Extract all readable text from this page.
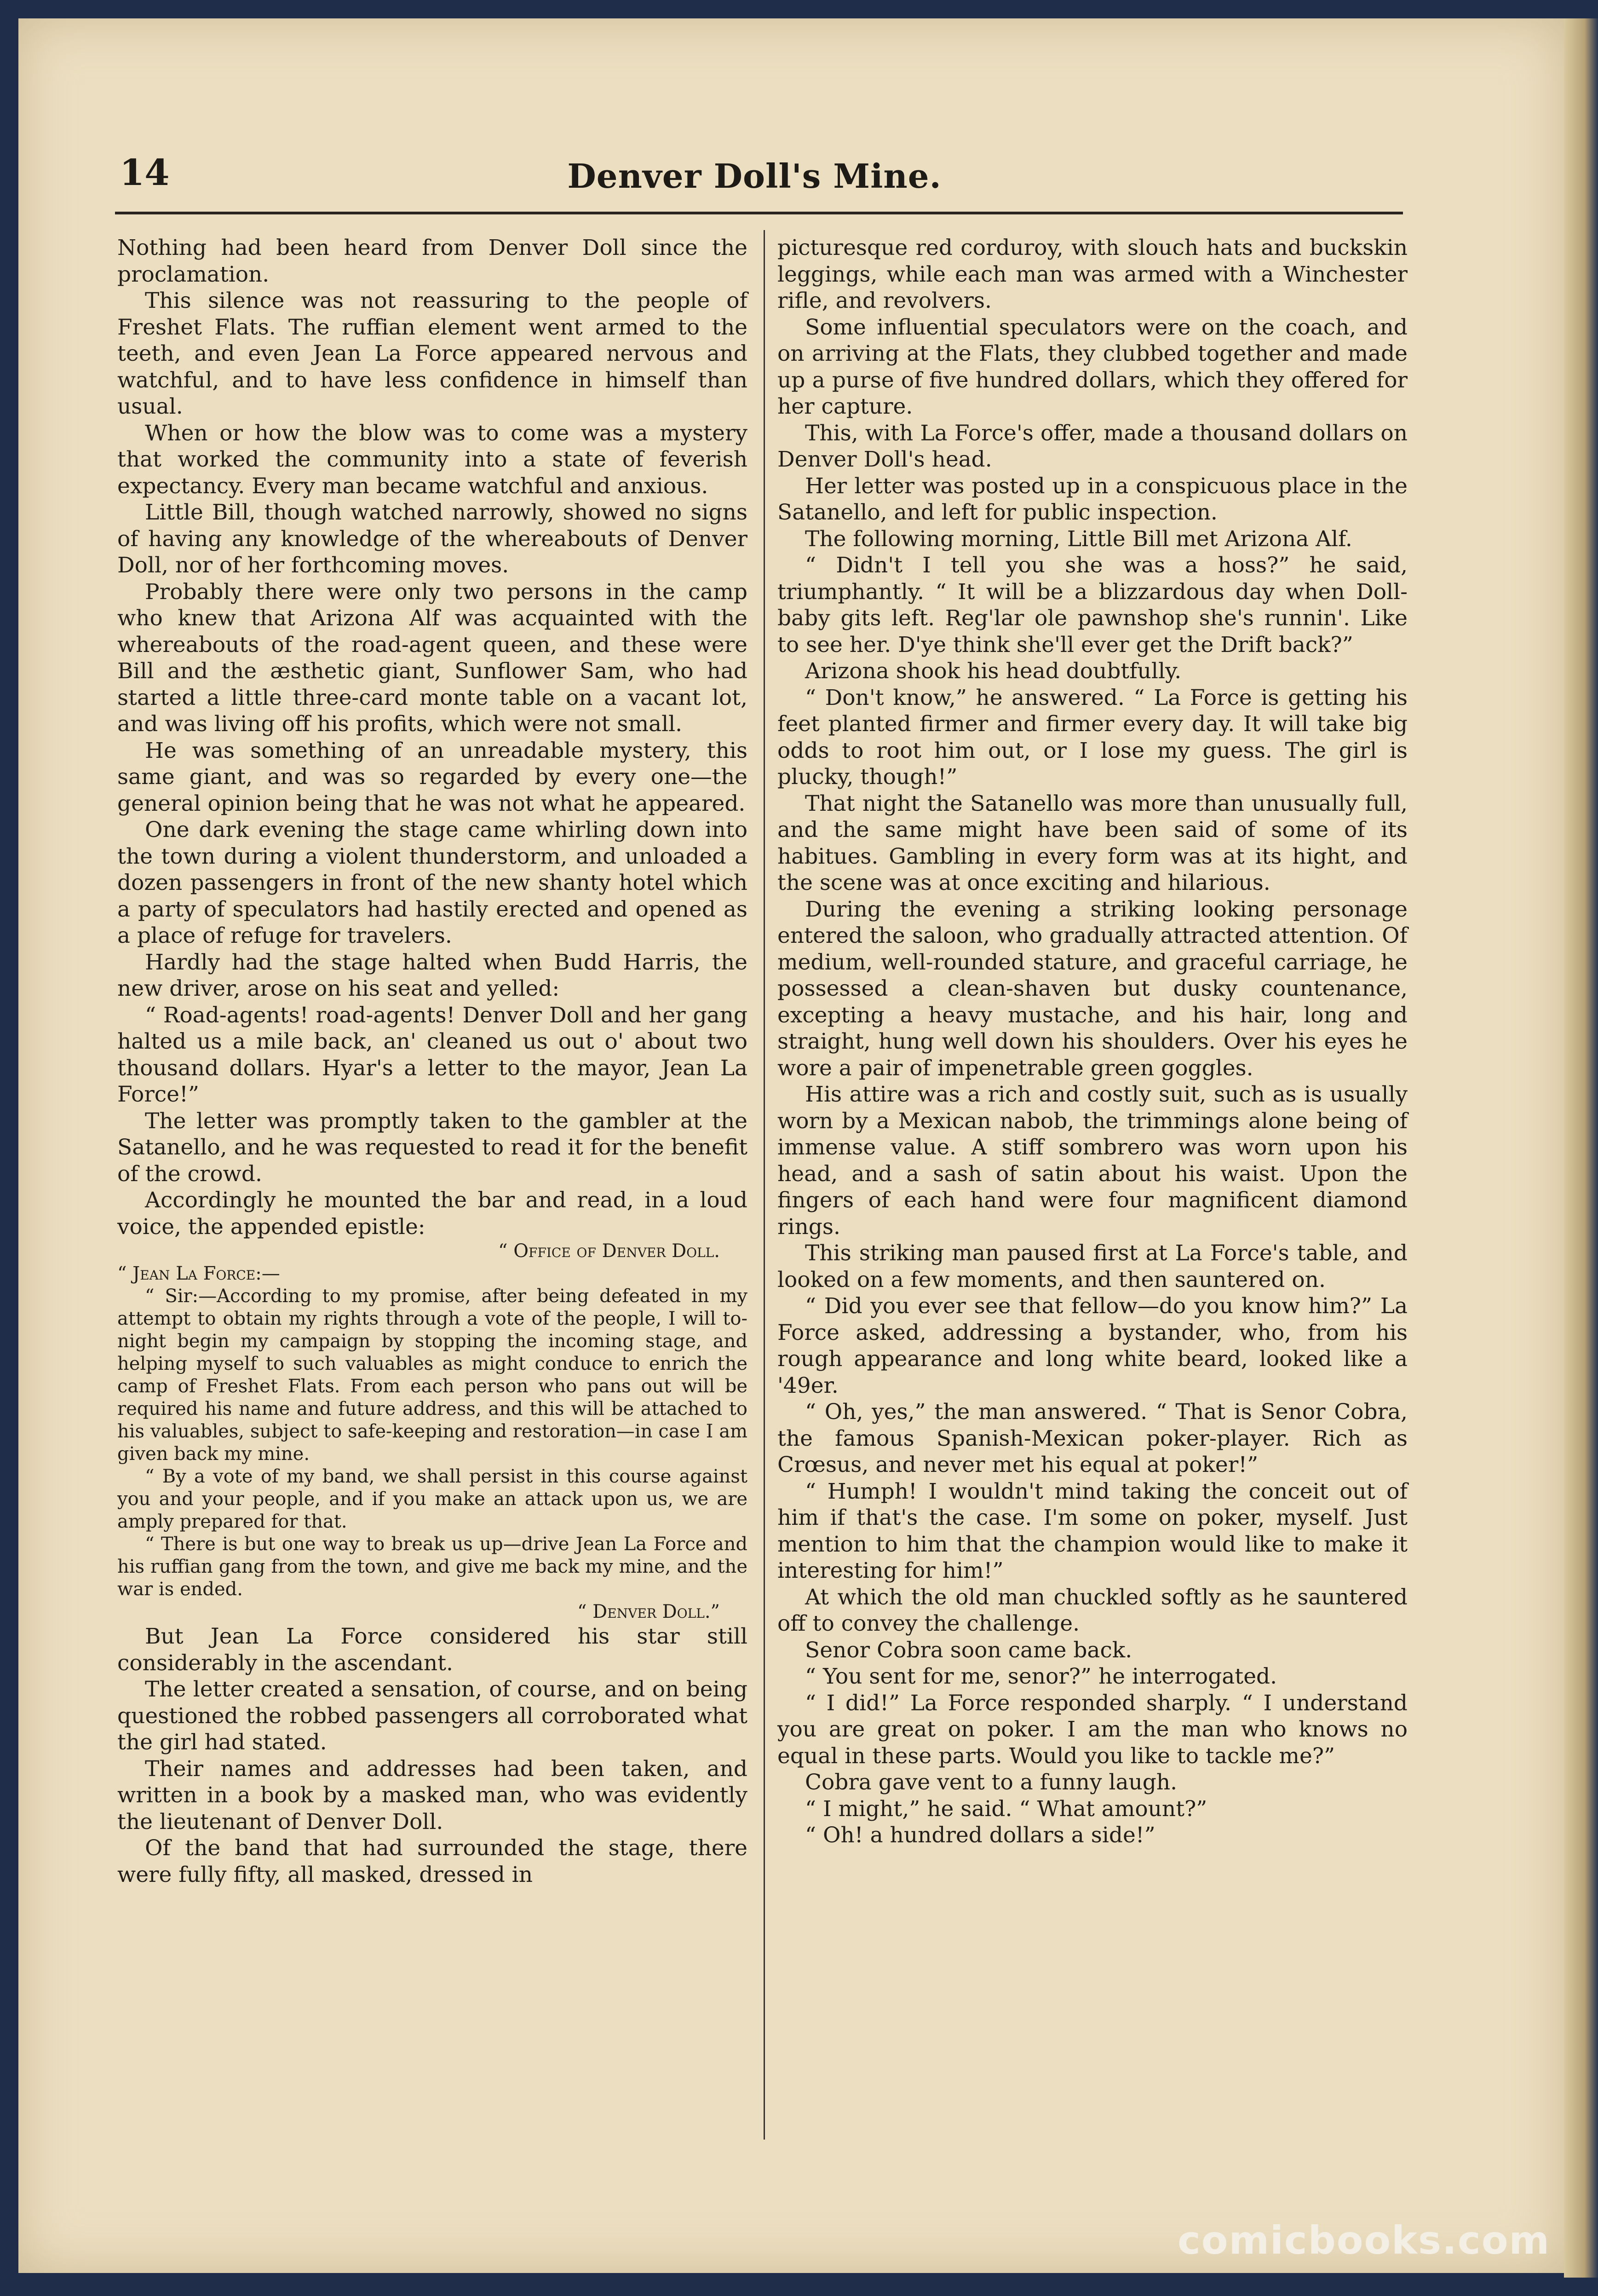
14	Denver Doll's Mine.

Nothing had been heard from Denver Doll since the proclamation.

This silence was not reassuring to the people of Freshet Flats. The ruffian element went armed to the teeth, and even Jean La Force appeared nervous and watchful, and to have less confidence in himself than usual.

When or how the blow was to come was a mystery that worked the community into a state of feverish expectancy. Every man became watchful and anxious.

Little Bill, though watched narrowly, showed no signs of having any knowledge of the whereabouts of Denver Doll, nor of her forthcoming moves.

Probably there were only two persons in the camp who knew that Arizona Alf was acquainted with the whereabouts of the road-agent queen, and these were Bill and the æsthetic giant, Sunflower Sam, who had started a little three-card monte table on a vacant lot, and was living off his profits, which were not small.

He was something of an unreadable mystery, this same giant, and was so regarded by every one—the general opinion being that he was not what he appeared.

One dark evening the stage came whirling down into the town during a violent thunderstorm, and unloaded a dozen passengers in front of the new shanty hotel which a party of speculators had hastily erected and opened as a place of refuge for travelers.

Hardly had the stage halted when Budd Harris, the new driver, arose on his seat and yelled:

“ Road-agents! road-agents! Denver Doll and her gang halted us a mile back, an' cleaned us out o' about two thousand dollars. Hyar's a letter to the mayor, Jean La Force!”

The letter was promptly taken to the gambler at the Satanello, and he was requested to read it for the benefit of the crowd.

Accordingly he mounted the bar and read, in a loud voice, the appended epistle:

“ Office of Denver Doll.

“ Jean La Force:—

“ Sir:—According to my promise, after being defeated in my attempt to obtain my rights through a vote of the people, I will to-night begin my campaign by stopping the incoming stage, and helping myself to such valuables as might conduce to enrich the camp of Freshet Flats. From each person who pans out will be required his name and future address, and this will be attached to his valuables, subject to safe-keeping and restoration—in case I am given back my mine.

“ By a vote of my band, we shall persist in this course against you and your people, and if you make an attack upon us, we are amply prepared for that.

“ There is but one way to break us up—drive Jean La Force and his ruffian gang from the town, and give me back my mine, and the war is ended.

“ Denver Doll.”

But Jean La Force considered his star still considerably in the ascendant.

The letter created a sensation, of course, and on being questioned the robbed passengers all corroborated what the girl had stated.

Their names and addresses had been taken, and written in a book by a masked man, who was evidently the lieutenant of Denver Doll.

Of the band that had surrounded the stage, there were fully fifty, all masked, dressed in

picturesque red corduroy, with slouch hats and buckskin leggings, while each man was armed with a Winchester rifle, and revolvers.

Some influential speculators were on the coach, and on arriving at the Flats, they clubbed together and made up a purse of five hundred dollars, which they offered for her capture.

This, with La Force's offer, made a thousand dollars on Denver Doll's head.

Her letter was posted up in a conspicuous place in the Satanello, and left for public inspection.

The following morning, Little Bill met Arizona Alf.

“ Didn't I tell you she was a hoss?” he said, triumphantly. “ It will be a blizzardous day when Doll-baby gits left. Reg'lar ole pawnshop she's runnin'. Like to see her. D'ye think she'll ever get the Drift back?”

Arizona shook his head doubtfully.

“ Don't know,” he answered. “ La Force is getting his feet planted firmer and firmer every day. It will take big odds to root him out, or I lose my guess. The girl is plucky, though!”

That night the Satanello was more than unusually full, and the same might have been said of some of its habitues. Gambling in every form was at its hight, and the scene was at once exciting and hilarious.

During the evening a striking looking personage entered the saloon, who gradually attracted attention. Of medium, well-rounded stature, and graceful carriage, he possessed a clean-shaven but dusky countenance, excepting a heavy mustache, and his hair, long and straight, hung well down his shoulders. Over his eyes he wore a pair of impenetrable green goggles.

His attire was a rich and costly suit, such as is usually worn by a Mexican nabob, the trimmings alone being of immense value. A stiff sombrero was worn upon his head, and a sash of satin about his waist. Upon the fingers of each hand were four magnificent diamond rings.

This striking man paused first at La Force's table, and looked on a few moments, and then sauntered on.

“ Did you ever see that fellow—do you know him?” La Force asked, addressing a bystander, who, from his rough appearance and long white beard, looked like a '49er.

“ Oh, yes,” the man answered. “ That is Senor Cobra, the famous Spanish-Mexican poker-player. Rich as Crœsus, and never met his equal at poker!”

“ Humph! I wouldn't mind taking the conceit out of him if that's the case. I'm some on poker, myself. Just mention to him that the champion would like to make it interesting for him!”

At which the old man chuckled softly as he sauntered off to convey the challenge.

Senor Cobra soon came back.

“ You sent for me, senor?” he interrogated.

“ I did!” La Force responded sharply. “ I understand you are great on poker. I am the man who knows no equal in these parts. Would you like to tackle me?”

Cobra gave vent to a funny laugh.

“ I might,” he said. “ What amount?”

“ Oh! a hundred dollars a side!”

comicbooks.com
